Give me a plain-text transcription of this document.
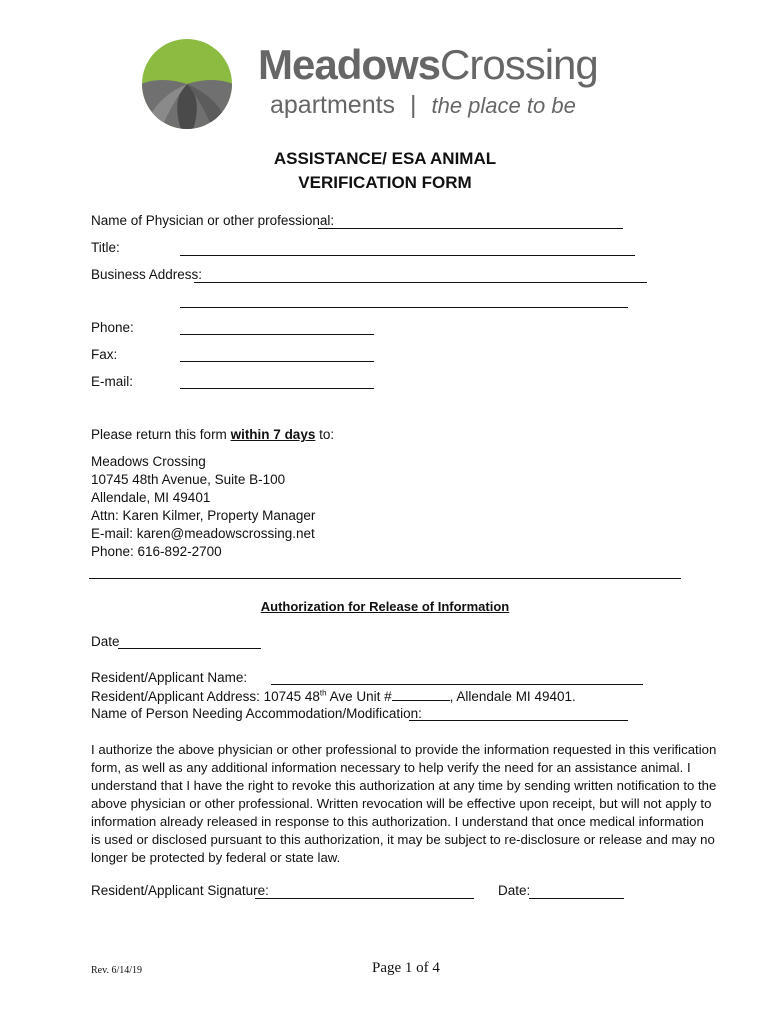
MeadowsCrossing
apartments | the place to be
ASSISTANCE/ ESA ANIMAL
VERIFICATION FORM
Name of Physician or other professional:
Title:
Business Address:
Phone:
Fax:
E-mail:
Please return this form within 7 days to:
Meadows Crossing
10745 48th Avenue, Suite B-100
Allendale, MI 49401
Attn: Karen Kilmer, Property Manager
E-mail: karen@meadowscrossing.net
Phone: 616-892-2700
Authorization for Release of Information
Date
Resident/Applicant Name:
Resident/Applicant Address: 10745 48th Ave Unit #	, Allendale MI 49401.
Name of Person Needing Accommodation/Modification:
I authorize the above physician or other professional to provide the information requested in this verification
form, as well as any additional information necessary to help verify the need for an assistance animal. I
understand that I have the right to revoke this authorization at any time by sending written notification to the
above physician or other professional. Written revocation will be effective upon receipt, but will not apply to
information already released in response to this authorization. I understand that once medical information
is used or disclosed pursuant to this authorization, it may be subject to re-disclosure or release and may no
longer be protected by federal or state law.
Resident/Applicant Signature:	Date:
Rev. 6/14/19	Page 1 of 4
